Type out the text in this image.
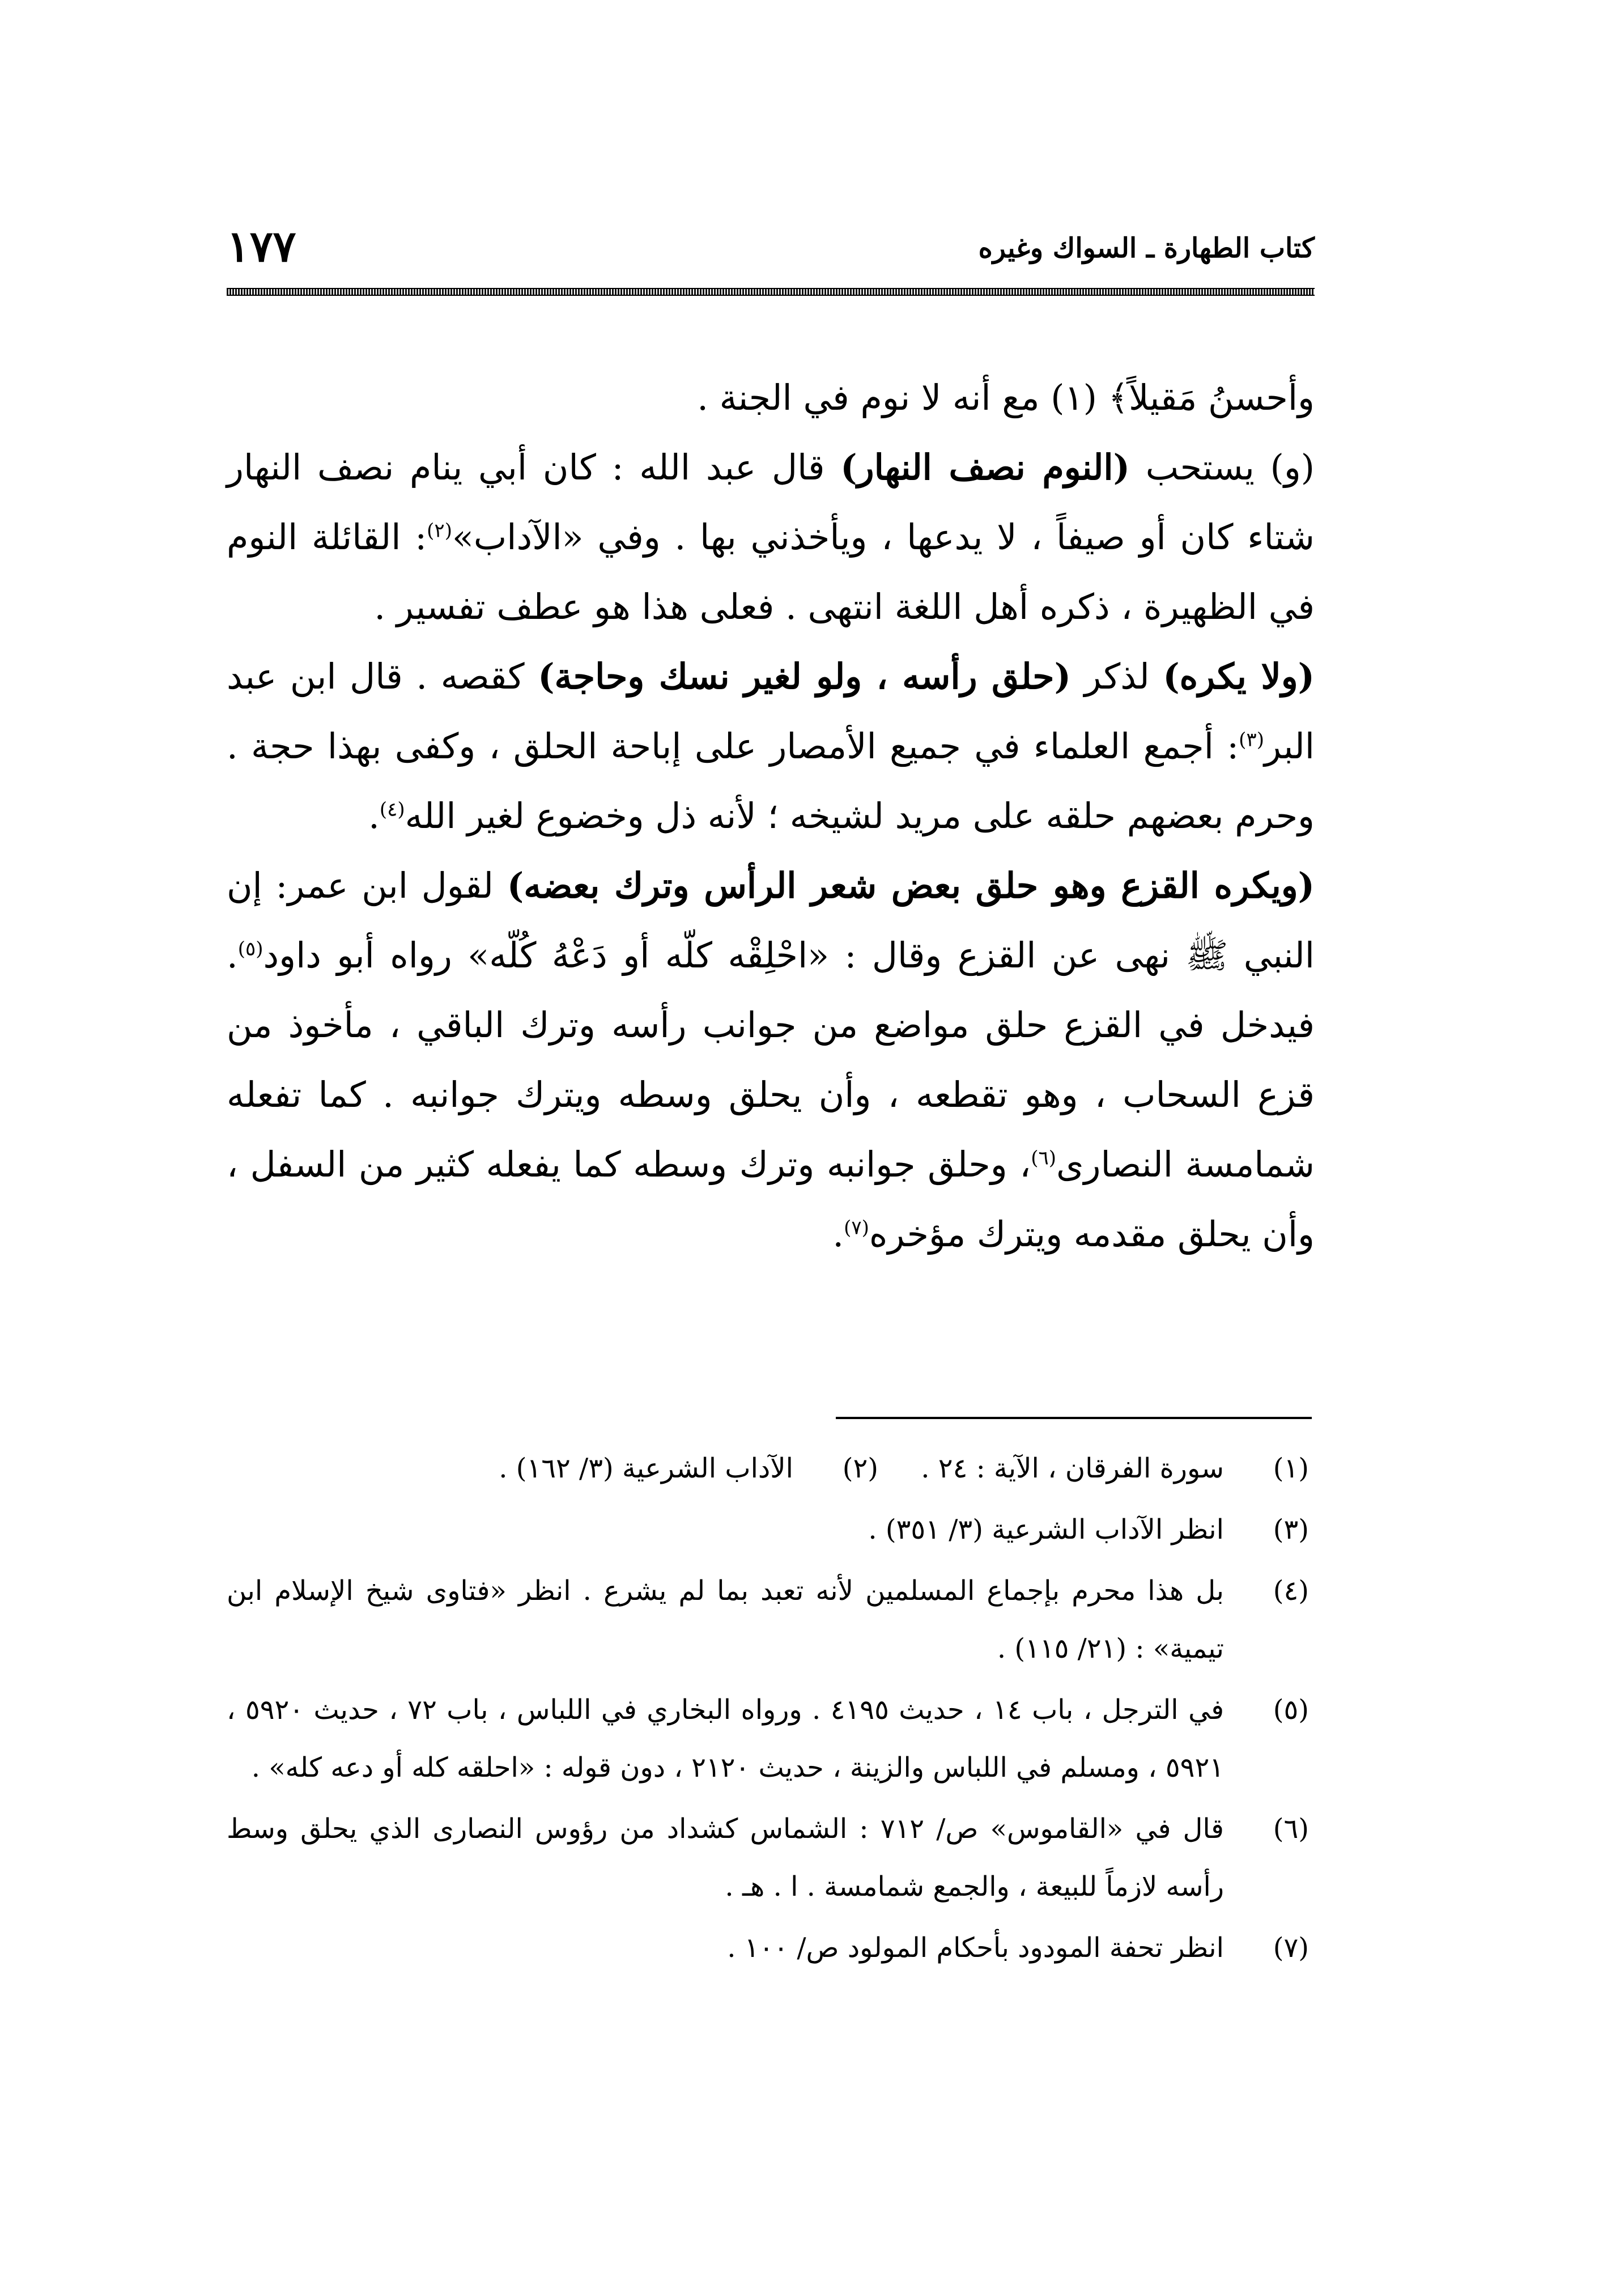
كتاب الطهارة ـ السواك وغيره
١٧٧

وأحسنُ مَقيلاً﴾ (١) مع أنه لا نوم في الجنة .

(و) يستحب (النوم نصف النهار) قال عبد الله : كان أبي ينام نصف النهار شتاء كان أو صيفاً ، لا يدعها ، ويأخذني بها . وفي «الآداب»$^{(٢)}$: القائلة النوم في الظهيرة ، ذكره أهل اللغة انتهى . فعلى هذا هو عطف تفسير .

(ولا يكره) لذكر (حلق رأسه ، ولو لغير نسك وحاجة) كقصه . قال ابن عبد البر$^{(٣)}$: أجمع العلماء في جميع الأمصار على إباحة الحلق ، وكفى بهذا حجة . وحرم بعضهم حلقه على مريد لشيخه ؛ لأنه ذل وخضوع لغير الله$^{(٤)}$.

(ويكره القزع وهو حلق بعض شعر الرأس وترك بعضه) لقول ابن عمر: إن النبي ﷺ نهى عن القزع وقال : «احْلِقْه كلّه أو دَعْهُ كُلّه» رواه أبو داود$^{(٥)}$. فيدخل في القزع حلق مواضع من جوانب رأسه وترك الباقي ، مأخوذ من قزع السحاب ، وهو تقطعه ، وأن يحلق وسطه ويترك جوانبه . كما تفعله شمامسة النصارى$^{(٦)}$، وحلق جوانبه وترك وسطه كما يفعله كثير من السفل ، وأن يحلق مقدمه ويترك مؤخره$^{(٧)}$.

(١)
سورة الفرقان ، الآية : ٢٤ .
(٢)
الآداب الشرعية (٣/ ١٦٢) .
(٣)
انظر الآداب الشرعية (٣/ ٣٥١) .
(٤)
بل هذا محرم بإجماع المسلمين لأنه تعبد بما لم يشرع . انظر «فتاوى شيخ الإسلام ابن تيمية» : (٢١/ ١١٥) .
(٥)
في الترجل ، باب ١٤ ، حديث ٤١٩٥ . ورواه البخاري في اللباس ، باب ٧٢ ، حديث ٥٩٢٠ ، ٥٩٢١ ، ومسلم في اللباس والزينة ، حديث ٢١٢٠ ، دون قوله : «احلقه كله أو دعه كله» .
(٦)
قال في «القاموس» ص/ ٧١٢ : الشماس كشداد من رؤوس النصارى الذي يحلق وسط رأسه لازماً للبيعة ، والجمع شمامسة . ا . هـ .
(٧)
انظر تحفة المودود بأحكام المولود ص/ ١٠٠ .
